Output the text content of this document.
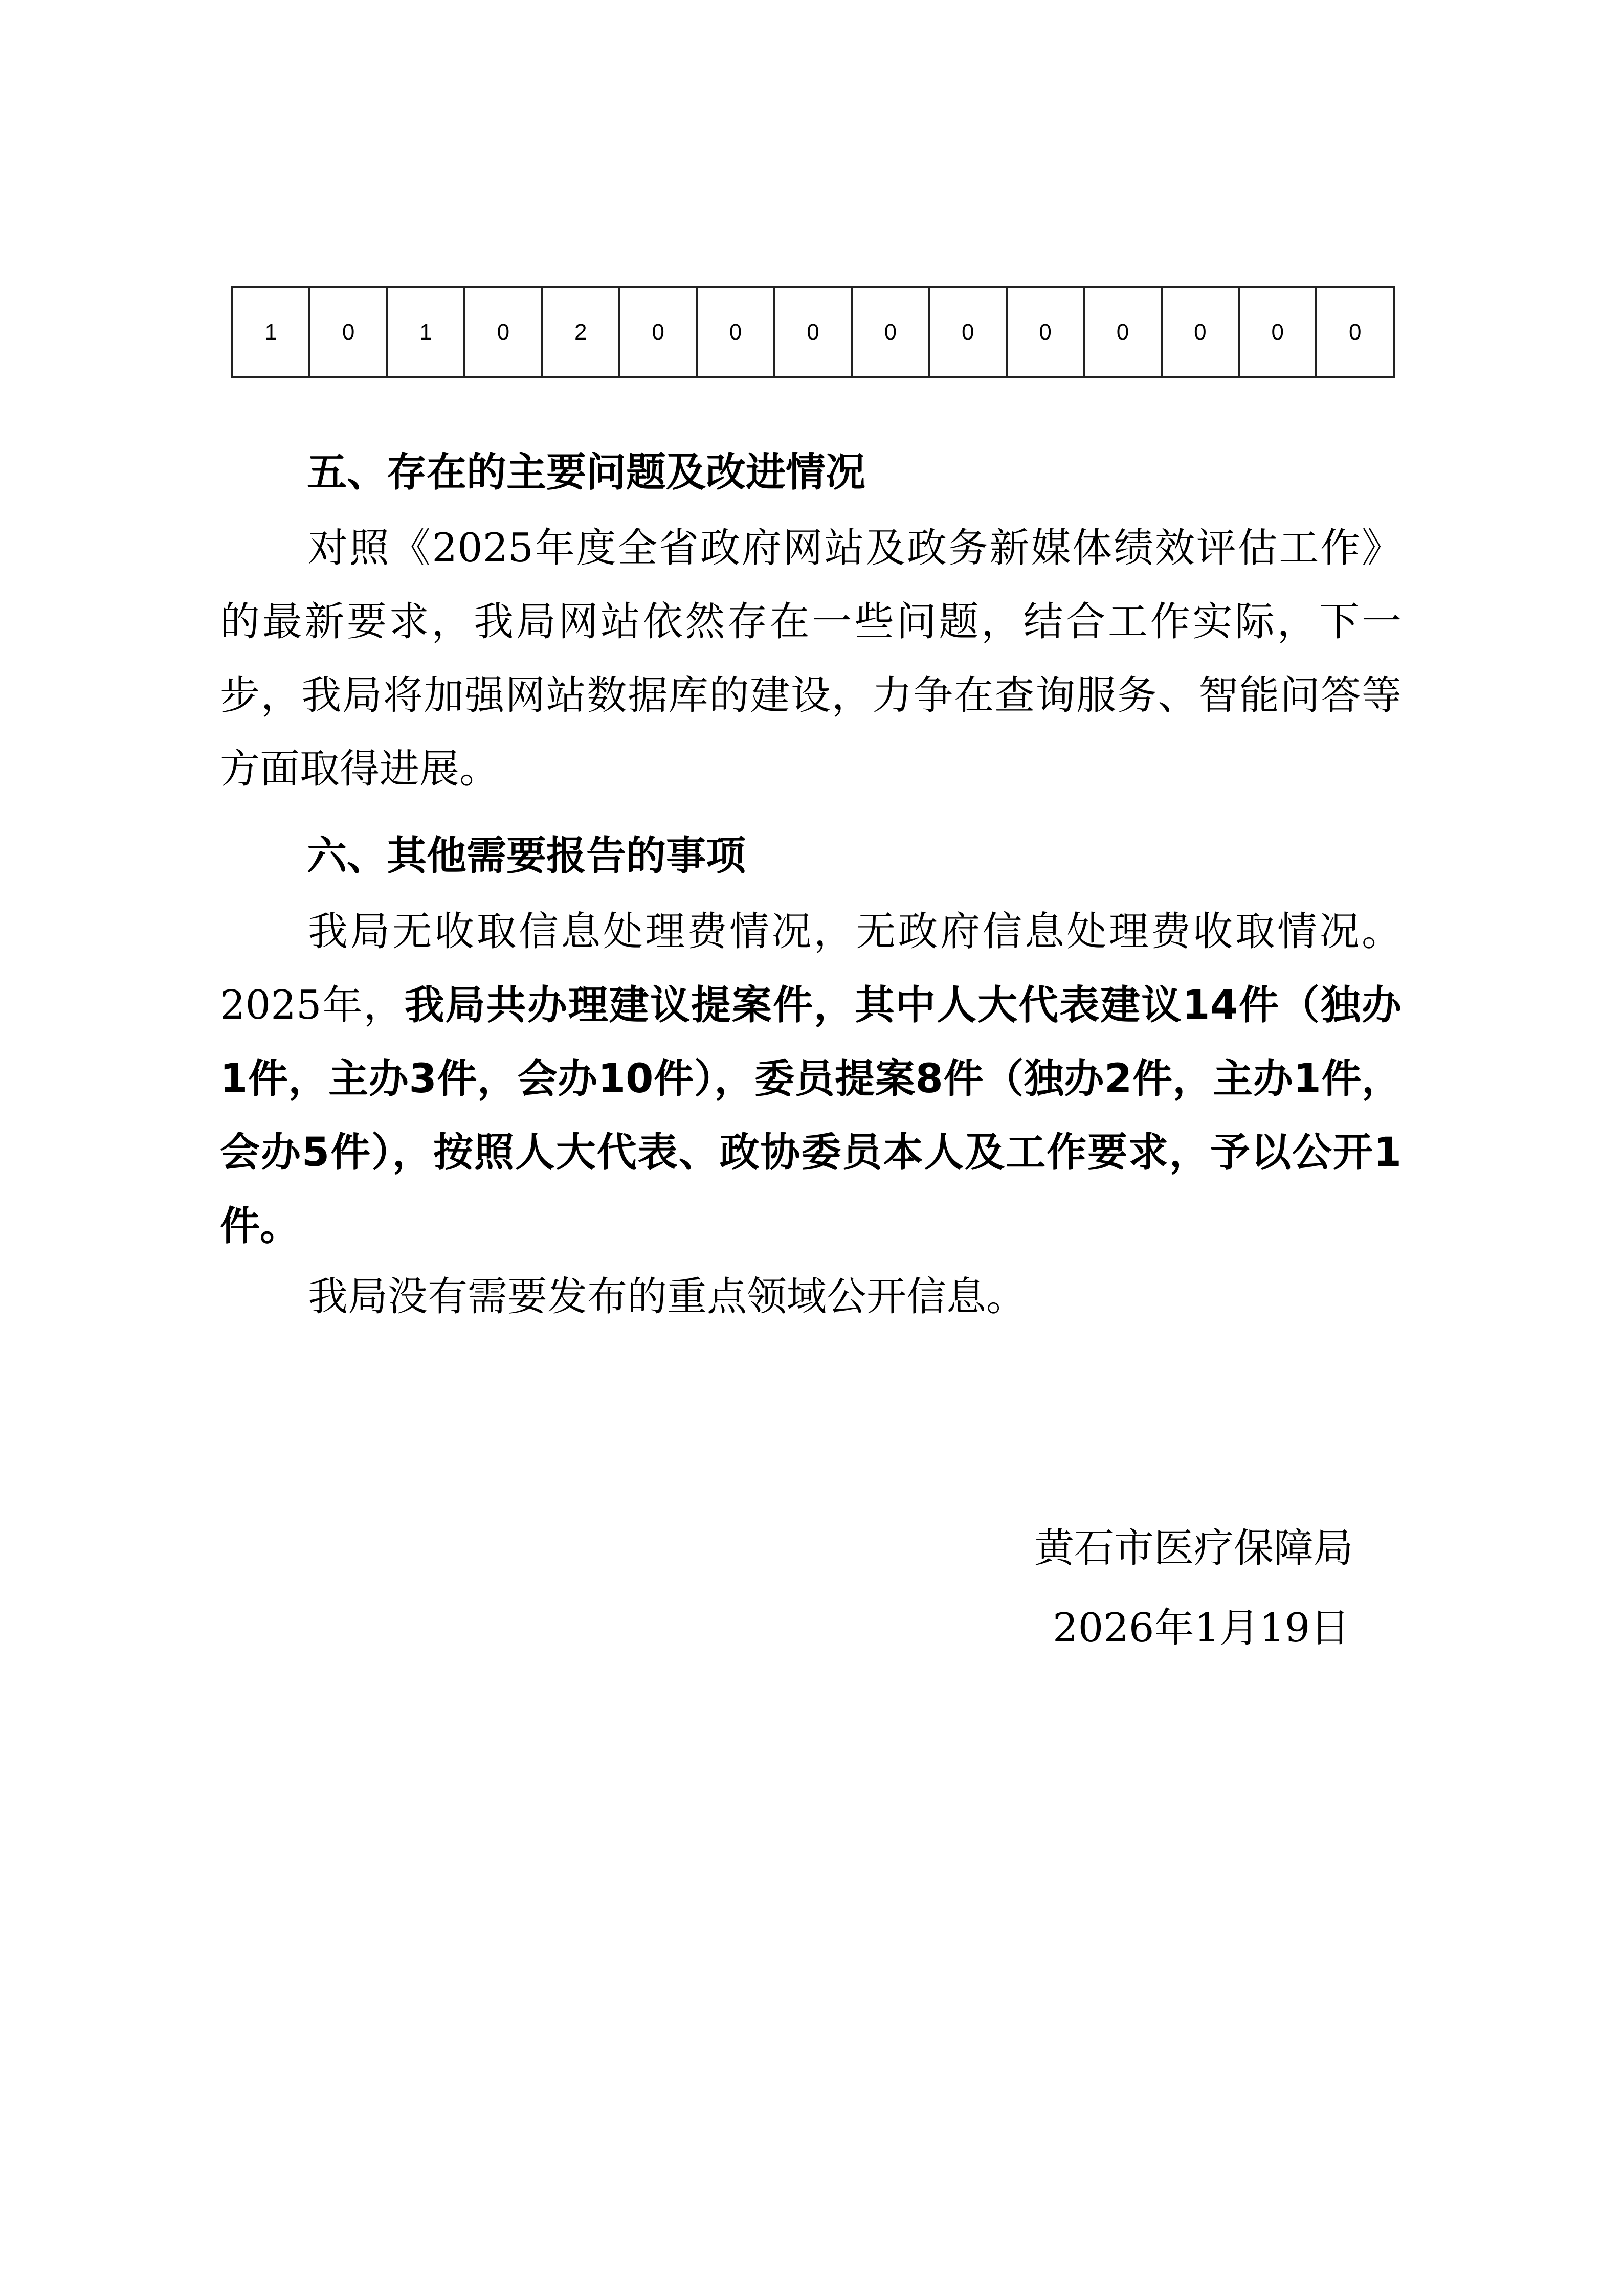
1	0	1	0	2	0	0	0	0	0	0	0	0	0	0
五、存在的主要问题及改进情况

对照《2025年度全省政府网站及政务新媒体绩效评估工作》的最新要求，我局网站依然存在一些问题，结合工作实际，下一步，我局将加强网站数据库的建设，力争在查询服务、智能问答等方面取得进展。

六、其他需要报告的事项

我局无收取信息处理费情况，无政府信息处理费收取情况。2025年，我局共办理建议提案件，其中人大代表建议14件（独办1件，主办3件，会办10件），委员提案8件（独办2件，主办1件，会办5件），按照人大代表、政协委员本人及工作要求，予以公开1件。

我局没有需要发布的重点领域公开信息。

黄石市医疗保障局
2026年1月19日
